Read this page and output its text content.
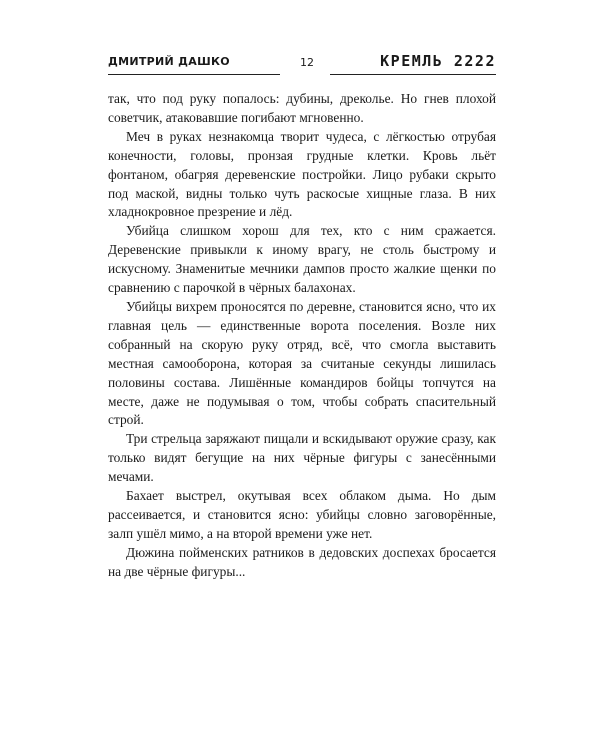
ДМИТРИЙ ДАШКО	12	КРЕМЛЬ 2222

так, что под руку попалось: дубины, дреколье. Но гнев плохой советчик, атаковавшие погибают мгновенно.

Меч в руках незнакомца творит чудеса, с лёгкостью отрубая конечности, головы, пронзая грудные клетки. Кровь льёт фонтаном, обагряя деревенские постройки. Лицо рубаки скрыто под маской, видны только чуть раскосые хищные глаза. В них хладнокровное презрение и лёд.

Убийца слишком хорош для тех, кто с ним сражается. Деревенские привыкли к иному врагу, не столь быстрому и искусному. Знаменитые мечники дампов просто жалкие щенки по сравнению с парочкой в чёрных балахонах.

Убийцы вихрем проносятся по деревне, становится ясно, что их главная цель — единственные ворота поселения. Возле них собранный на скорую руку отряд, всё, что смогла выставить местная самооборона, которая за считаные секунды лишилась половины состава. Лишённые командиров бойцы топчутся на месте, даже не подумывая о том, чтобы собрать спасительный строй.

Три стрельца заряжают пищали и вскидывают оружие сразу, как только видят бегущие на них чёрные фигуры с занесёнными мечами.

Бахает выстрел, окутывая всех облаком дыма. Но дым рассеивается, и становится ясно: убийцы словно заговорённые, залп ушёл мимо, а на второй времени уже нет.

Дюжина пойменских ратников в дедовских доспехах бросается на две чёрные фигуры...
